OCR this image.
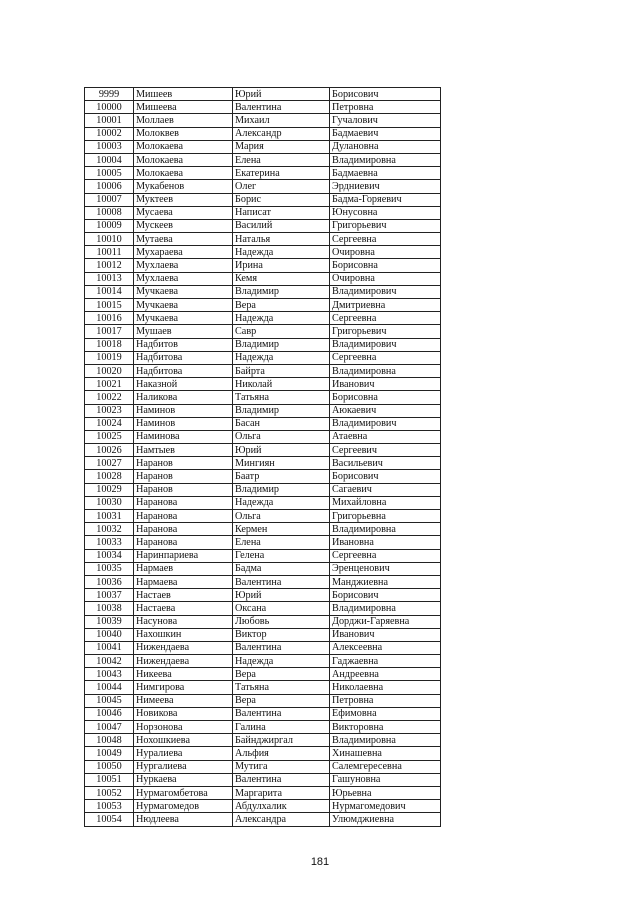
9999	Мишеев	Юрий	Борисович
10000	Мишеева	Валентина	Петровна
10001	Моллаев	Михаил	Гучалович
10002	Молоквев	Александр	Бадмаевич
10003	Молокаева	Мария	Дулановна
10004	Молокаева	Елена	Владимировна
10005	Молокаева	Екатерина	Бадмаевна
10006	Мукабенов	Олег	Эрдниевич
10007	Муктеев	Борис	Бадма-Горяевич
10008	Мусаева	Написат	Юнусовна
10009	Мускеев	Василий	Григорьевич
10010	Мутаева	Наталья	Сергеевна
10011	Мухараева	Надежда	Очировна
10012	Мухлаева	Ирина	Борисовна
10013	Мухлаева	Кемя	Очировна
10014	Мучкаева	Владимир	Владимирович
10015	Мучкаева	Вера	Дмитриевна
10016	Мучкаева	Надежда	Сергеевна
10017	Мушаев	Савр	Григорьевич
10018	Надбитов	Владимир	Владимирович
10019	Надбитова	Надежда	Сергеевна
10020	Надбитова	Байрта	Владимировна
10021	Наказной	Николай	Иванович
10022	Наликова	Татьяна	Борисовна
10023	Наминов	Владимир	Аюкаевич
10024	Наминов	Басан	Владимирович
10025	Наминова	Ольга	Атаевна
10026	Намтыев	Юрий	Сергеевич
10027	Наранов	Мингиян	Васильевич
10028	Наранов	Баатр	Борисович
10029	Наранов	Владимир	Сагаевич
10030	Наранова	Надежда	Михайловна
10031	Наранова	Ольга	Григорьевна
10032	Наранова	Кермен	Владимировна
10033	Наранова	Елена	Ивановна
10034	Наринпариева	Гелена	Сергеевна
10035	Нармаев	Бадма	Эренценович
10036	Нармаева	Валентина	Манджиевна
10037	Настаев	Юрий	Борисович
10038	Настаева	Оксана	Владимировна
10039	Насунова	Любовь	Дорджи-Гаряевна
10040	Нахошкин	Виктор	Иванович
10041	Нижендаева	Валентина	Алексеевна
10042	Нижендаева	Надежда	Гаджаевна
10043	Никеева	Вера	Андреевна
10044	Нимгирова	Татьяна	Николаевна
10045	Нимеева	Вера	Петровна
10046	Новикова	Валентина	Ефимовна
10047	Норзонова	Галина	Викторовна
10048	Нохошкиева	Байнджиргал	Владимировна
10049	Нуралиева	Альфия	Хинашевна
10050	Нургалиева	Мутига	Салемгересевна
10051	Нуркаева	Валентина	Гашуновна
10052	Нурмагомбетова	Маргарита	Юрьевна
10053	Нурмагомедов	Абдулхалик	Нурмагомедович
10054	Нюдлеева	Александра	Улюмджиевна
181
